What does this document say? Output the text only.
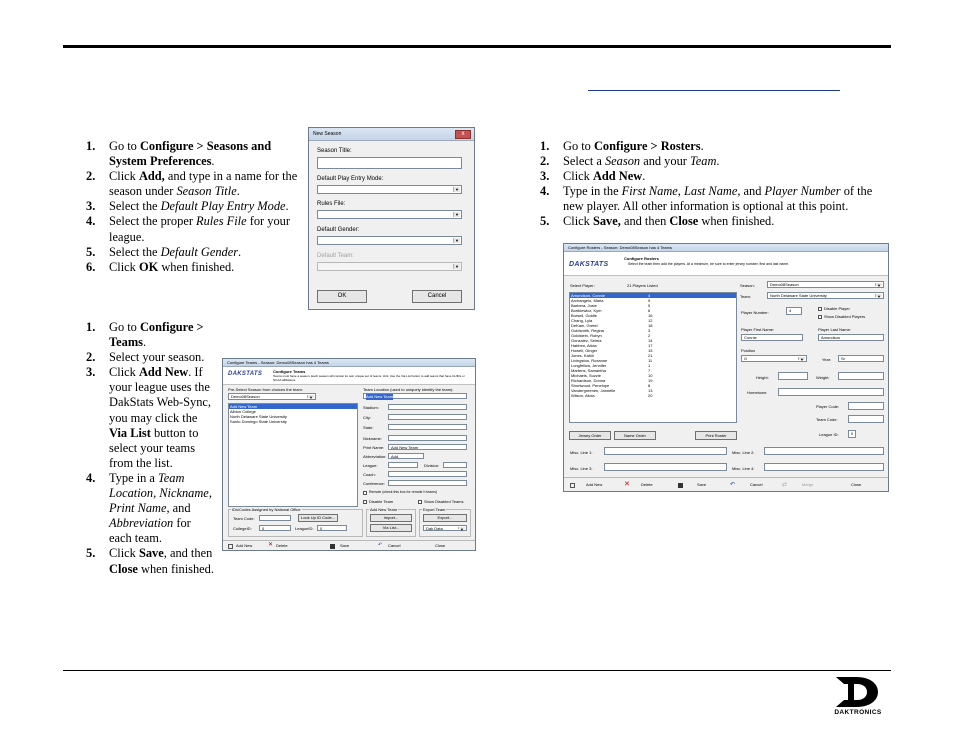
1. Go to Configure > Seasons and System Preferences.
2. Click Add, and type in a name for the season under Season Title.
3. Select the Default Play Entry Mode.
4. Select the proper Rules File for your league.
5. Select the Default Gender.
6. Click OK when finished.
1. Go to Configure > Teams.
2. Select your season.
3. Click Add New. If your league uses the DakStats Web-Sync, you may click the Via List button to select your teams from the list.
4. Type in a Team Location, Nickname, Print Name, and Abbreviation for each team.
5. Click Save, and then Close when finished.
1. Go to Configure > Rosters.
2. Select a Season and your Team.
3. Click Add New.
4. Type in the First Name, Last Name, and Player Number of the new player. All other information is optional at this point.
5. Click Save, and then Close when finished.
New Season	x
Season Title:
Default Play Entry Mode:
▼
Rules File:
▼
Default Gender:
▼
Default Team:
▼
OK	Cancel
Configure Teams - Season: Demo08Season has 4 Teams
DAKSTATS	Configure Teams
Teams must have a season. Each season will contain its own unique set of teams. Hint: Use the Via List button to add teams that have GUIDs or NCAA affiliations.
Pre-Select Season from choices the team:
Demo08Season	▼
Add New Team
Albion College
North Delaware State University
Santo Domingo State University
Team Location (used to uniquely identify the team):
Add New Team
Stadium:
City:
State:
Nickname:
Print Name: Add New Team
Abbreviation: Add
League:	Division:
Coach:
Conference:
Remote (check this box for remote h teams)
Disable Team	Show Disabled Teams
IDs/Codes Assigned by National Office
Team Code:	Look Up ID Code...
CollegeID:	0	LeagueID: 0
Add New Team
Import...
Via List...
Export Team
Export...
Dak Data	▼
Add New	✕ Delete	Save	↶ Cancel	Close
Configure Rosters - Season: Demo08Season has 4 Teams
DAKSTATS
Configure Rosters
Select the team then add the players. At a minimum, be sure to enter jersey number, first and last name.
Select Player:	21 Players Listed
Amundson, Connie	4
Archangelo, Maria	9
Barbera, Josie	5
Bortkiewicz, Kym	6
Bursell, Goldie	16
Chang, Lyla	12
DeKam, Gretel	18
Goldsmith, Regina	3
Goldstein, Robyn	2
Gonzalez, Selma	14
Habben, Alicia	17
Howell, Ginger	15
Jones, Kahili	21
Livingston, Roxanne	11
Longfellow, Jennifer	1
Martens, Samantha	7
Michaels, Suzzie	10
Richardson, Donna	19
Shortwood, Penelope	8
Vandergreenen, Jannelle	13
Wilson, Alicia	20
Season:	Demo08Season	▼
Team:	North Delaware State University	▼
Player Number:	4	Disable Player
Show Disabled Players
Player First Name:
Connie
Player Last Name:
Amundson
Position
G	▼	Year: Sr
Height:	Weight:
Hometown:
Player Code:
Team Code:
League ID:	0
Jersey Order	Name Order	Print Roster
Misc. Line 1:	Misc. Line 2:
Misc. Line 3:	Misc. Line 4:
Add New	✕	Delete	Save	↶	Cancel	⇄	Merge	Close
DAKTRONICS
